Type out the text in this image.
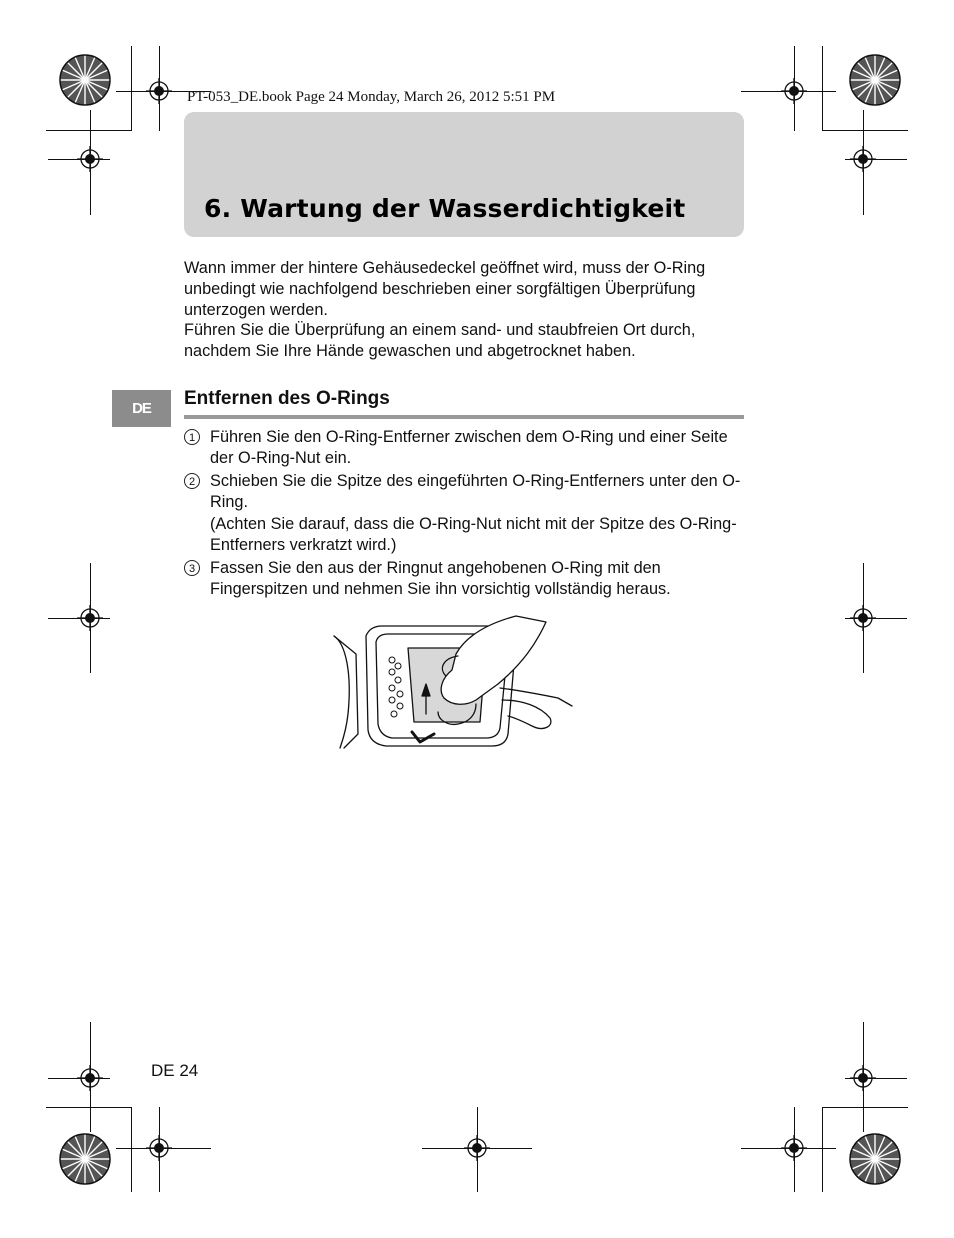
PT-053_DE.book Page 24 Monday, March 26, 2012 5:51 PM
6. Wartung der Wasserdichtigkeit

Wann immer der hintere Gehäusedeckel geöffnet wird, muss der O-Ring unbedingt wie nachfolgend beschrieben einer sorgfältigen Überprüfung unterzogen werden.

Führen Sie die Überprüfung an einem sand- und staubfreien Ort durch, nachdem Sie Ihre Hände gewaschen und abgetrocknet haben.

DE	Entfernen des O-Rings
1 Führen Sie den O-Ring-Entferner zwischen dem O-Ring und einer Seite der O-Ring-Nut ein.

2 Schieben Sie die Spitze des eingeführten O-Ring-Entferners unter den O-Ring.

(Achten Sie darauf, dass die O-Ring-Nut nicht mit der Spitze des O-Ring-Entferners verkratzt wird.)

3 Fassen Sie den aus der Ringnut angehobenen O-Ring mit den Fingerspitzen und nehmen Sie ihn vorsichtig vollständig heraus.

DE 24
